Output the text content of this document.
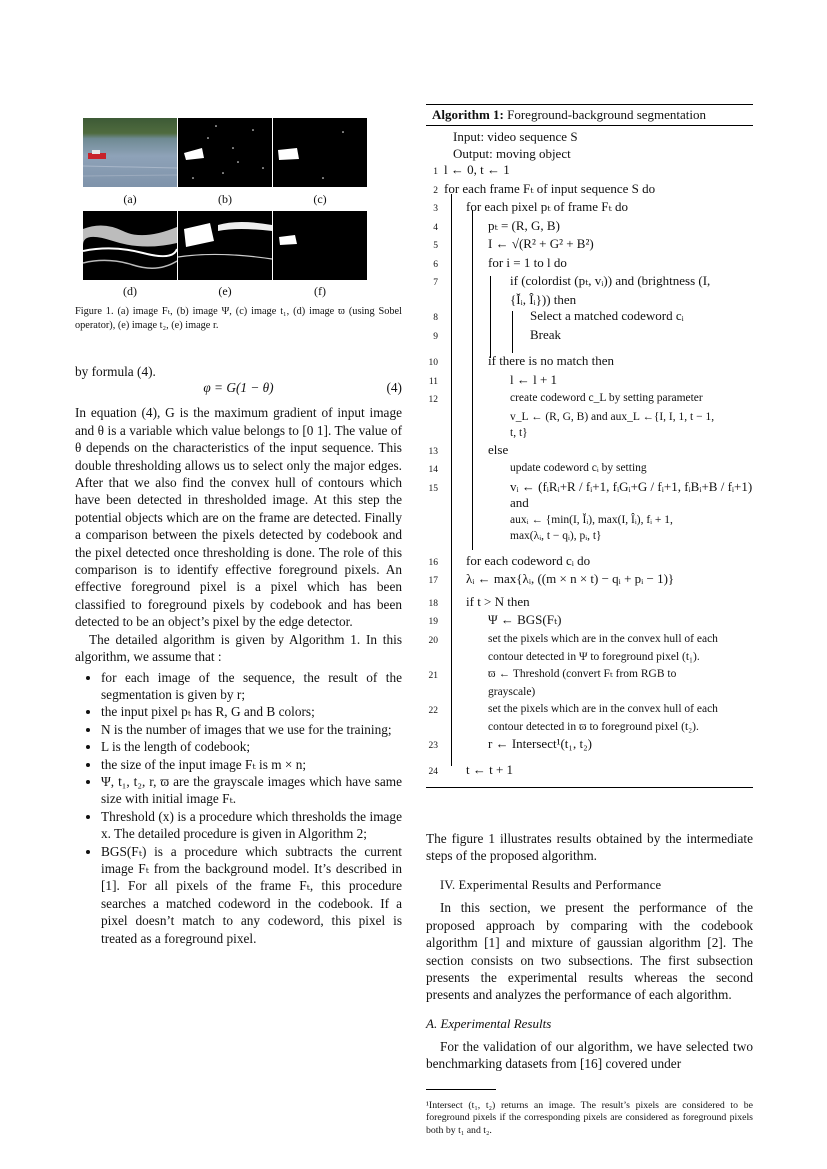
(a)	(b)	(c)
(d)	(e)	(f)
Figure 1. (a) image Fₜ, (b) image Ψ, (c) image t₁, (d) image ϖ (using Sobel operator), (e) image t₂, (e) image r.

by formula (4).

φ = G(1 − θ)	(4)

In equation (4), G is the maximum gradient of input image and θ is a variable which value belongs to [0 1]. The value of θ depends on the characteristics of the input sequence. This double thresholding allows us to select only the major edges. After that we also find the convex hull of contours which have been detected in thresholded image. At this step the potential objects which are on the frame are detected. Finally a comparison between the pixels detected by codebook and the pixel detected once thresholding is done. The role of this comparison is to identify effective foreground pixels. An effective foreground pixel is a pixel which has been classified to foreground pixels by codebook and has been detected to be an object’s pixel by the edge detector.

The detailed algorithm is given by Algorithm 1. In this algorithm, we assume that :

• for each image of the sequence, the result of the segmentation is given by r;
• the input pixel pₜ has R, G and B colors;
• N is the number of images that we use for the training;
• L is the length of codebook;
• the size of the input image Fₜ is m × n;
• Ψ, t₁, t₂, r, ϖ are the grayscale images which have same size with initial image Fₜ.
• Threshold (x) is a procedure which thresholds the image x. The detailed procedure is given in Algorithm 2;
• BGS(Fₜ) is a procedure which subtracts the current image Fₜ from the background model. It’s described in [1]. For all pixels of the frame Fₜ, this procedure searches a matched codeword in the codebook. If a pixel doesn’t match to any codeword, this pixel is treated as a foreground pixel.
Algorithm 1: Foreground-background segmentation
Input: video sequence S
Output: moving object
1 l ← 0, t ← 1
2 for each frame Fₜ of input sequence S do
3	for each pixel pₜ of frame Fₜ do
4	pₜ = (R, G, B)
5	I ← √(R² + G² + B²)
6	for i = 1 to l do
7	if (colordist (pₜ, vᵢ)) and (brightness (I,
{Ĭᵢ, Îᵢ})) then
8	Select a matched codeword cᵢ
9	Break
10	if there is no match then
11	l ← l + 1
12	create codeword c_L by setting parameter
v_L ← (R, G, B) and aux_L ←{I, I, 1, t − 1,
t, t}
13	else
14	update codeword cᵢ by setting
15	vᵢ ← (fᵢRᵢ+R / fᵢ+1, fᵢGᵢ+G / fᵢ+1, fᵢBᵢ+B / fᵢ+1) and
auxᵢ ← {min(I, Ĭᵢ), max(I, Îᵢ), fᵢ + 1,
max(λᵢ, t − qᵢ), pᵢ, t}
16	for each codeword cᵢ do
17	λᵢ ← max{λᵢ, ((m × n × t) − qᵢ + pᵢ − 1)}
18	if t > N then
19	Ψ ← BGS(Fₜ)
20	set the pixels which are in the convex hull of each
contour detected in Ψ to foreground pixel (t₁).
21	ϖ ← Threshold (convert Fₜ from RGB to
grayscale)
22	set the pixels which are in the convex hull of each
contour detected in ϖ to foreground pixel (t₂).
23	r ← Intersect¹(t₁, t₂)
24	t ← t + 1

The figure 1 illustrates results obtained by the intermediate steps of the proposed algorithm.

IV. Experimental Results and Performance

In this section, we present the performance of the proposed approach by comparing with the codebook algorithm [1] and mixture of gaussian algorithm [2]. The section consists on two subsections. The first subsection presents the experimental results whereas the second presents and analyzes the performance of each algorithm.

A. Experimental Results

For the validation of our algorithm, we have selected two benchmarking datasets from [16] covered under

¹Intersect (t₁, t₂) returns an image. The result’s pixels are considered to be foreground pixels if the corresponding pixels are considered as foreground pixels both by t₁ and t₂.
